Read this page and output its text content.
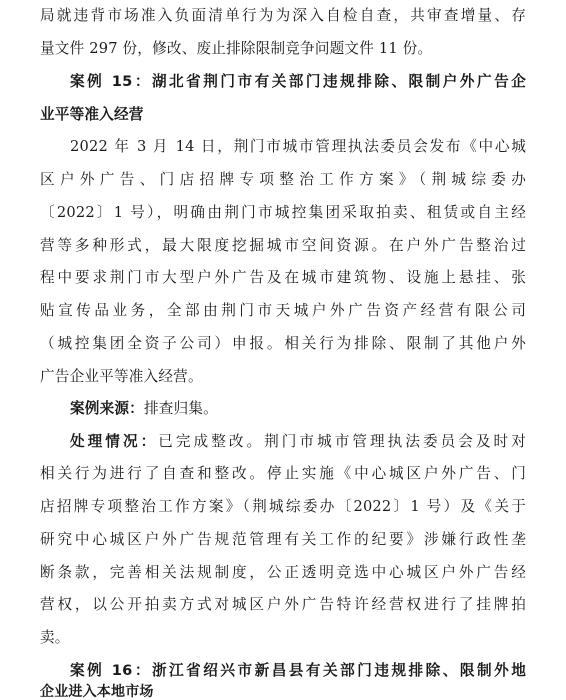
局就违背市场准入负面清单行为为深入自检自查，共审查增量、存
量文件 297 份，修改、废止排除限制竞争问题文件 11 份。
案例 15：湖北省荆门市有关部门违规排除、限制户外广告企
业平等准入经营
2022 年 3 月 14 日，荆门市城市管理执法委员会发布《中心城
区户外广告、门店招牌专项整治工作方案》（荆城综委办
〔2022〕1 号），明确由荆门市城控集团采取拍卖、租赁或自主经
营等多种形式，最大限度挖掘城市空间资源。在户外广告整治过
程中要求荆门市大型户外广告及在城市建筑物、设施上悬挂、张
贴宣传品业务，全部由荆门市天城户外广告资产经营有限公司
（城控集团全资子公司）申报。相关行为排除、限制了其他户外
广告企业平等准入经营。
案例来源：排查归集。
处理情况：已完成整改。荆门市城市管理执法委员会及时对
相关行为进行了自查和整改。停止实施《中心城区户外广告、门
店招牌专项整治工作方案》（荆城综委办〔2022〕1 号）及《关于
研究中心城区户外广告规范管理有关工作的纪要》涉嫌行政性垄
断条款，完善相关法规制度，公正透明竞选中心城区户外广告经
营权，以公开拍卖方式对城区户外广告特许经营权进行了挂牌拍
卖。
案例 16：浙江省绍兴市新昌县有关部门违规排除、限制外地
企业进入本地市场
